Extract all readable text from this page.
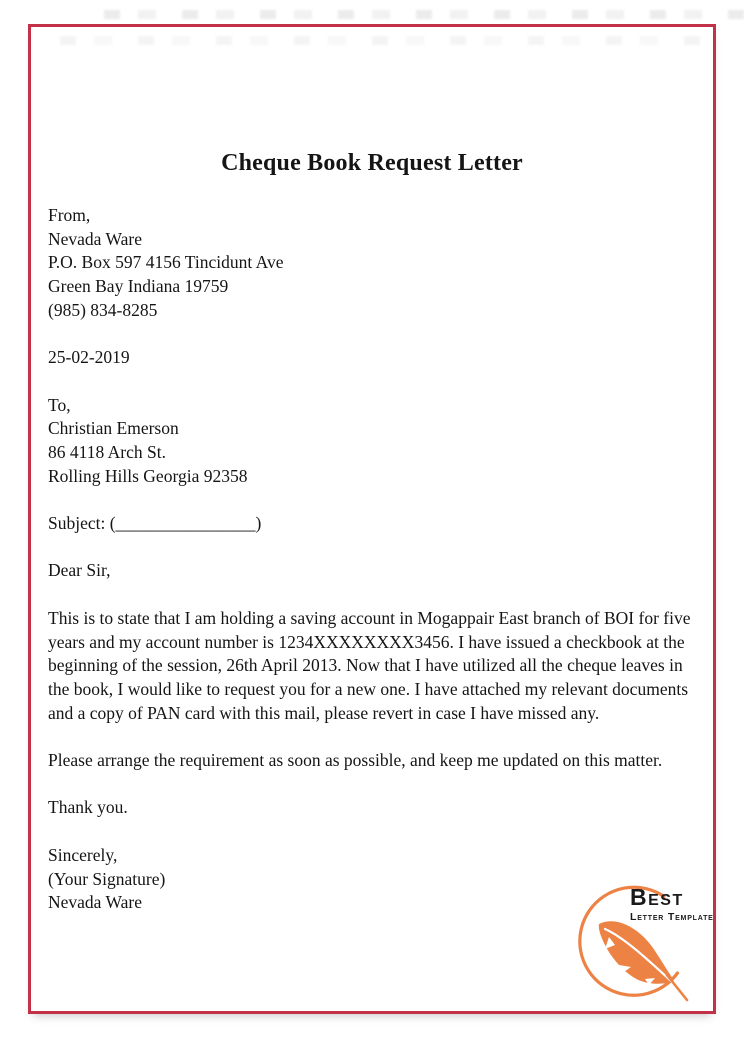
Cheque Book Request Letter
From,
Nevada Ware
P.O. Box 597 4156 Tincidunt Ave
Green Bay Indiana 19759
(985) 834-8285
25-02-2019
To,
Christian Emerson
86 4118 Arch St.
Rolling Hills Georgia 92358
Subject: (________________)
Dear Sir,

This is to state that I am holding a saving account in Mogappair East branch of BOI for five years and my account number is 1234XXXXXXXX3456. I have issued a checkbook at the beginning of the session, 26th April 2013. Now that I have utilized all the cheque leaves in the book, I would like to request you for a new one. I have attached my relevant documents and a copy of PAN card with this mail, please revert in case I have missed any.

Please arrange the requirement as soon as possible, and keep me updated on this matter.

Thank you.

Sincerely,
(Your Signature)
Nevada Ware	Best
Letter Template
